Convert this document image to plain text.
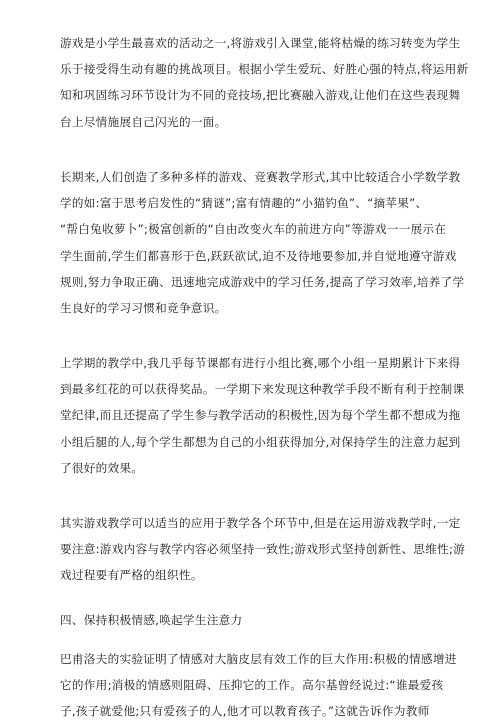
游戏是小学生最喜欢的活动之一,将游戏引入课堂,能将枯燥的练习转变为学生
乐于接受得生动有趣的挑战项目。根据小学生爱玩、好胜心强的特点,将运用新
知和巩固练习环节设计为不同的竞技场,把比赛融入游戏,让他们在这些表现舞
台上尽情施展自己闪光的一面。

长期来,人们创造了多种多样的游戏、竞赛教学形式,其中比较适合小学数学教
学的如:富于思考启发性的“猜谜”;富有情趣的“小猫钓鱼”、“摘苹果”、
“帮白兔收萝卜”;极富创新的“自由改变火车的前进方向”等游戏一一展示在
学生面前,学生们都喜形于色,跃跃欲试,迫不及待地要参加,并自觉地遵守游戏
规则,努力争取正确、迅速地完成游戏中的学习任务,提高了学习效率,培养了学
生良好的学习习惯和竞争意识。

上学期的教学中,我几乎每节课都有进行小组比赛,哪个小组一星期累计下来得
到最多红花的可以获得奖品。一学期下来发现这种教学手段不断有利于控制课
堂纪律,而且还提高了学生参与教学活动的积极性,因为每个学生都不想成为拖
小组后腿的人,每个学生都想为自己的小组获得加分,对保持学生的注意力起到
了很好的效果。

其实游戏教学可以适当的应用于教学各个环节中,但是在运用游戏教学时,一定
要注意:游戏内容与教学内容必须坚持一致性;游戏形式坚持创新性、思维性;游
戏过程要有严格的组织性。

四、保持积极情感,唤起学生注意力

巴甫洛夫的实验证明了情感对大脑皮层有效工作的巨大作用:积极的情感增进
它的作用;消极的情感则阻碍、压抑它的工作。高尔基曾经说过:“谁最爱孩
子,孩子就爱他;只有爱孩子的人,他才可以教育孩子。”这就告诉作为教师
